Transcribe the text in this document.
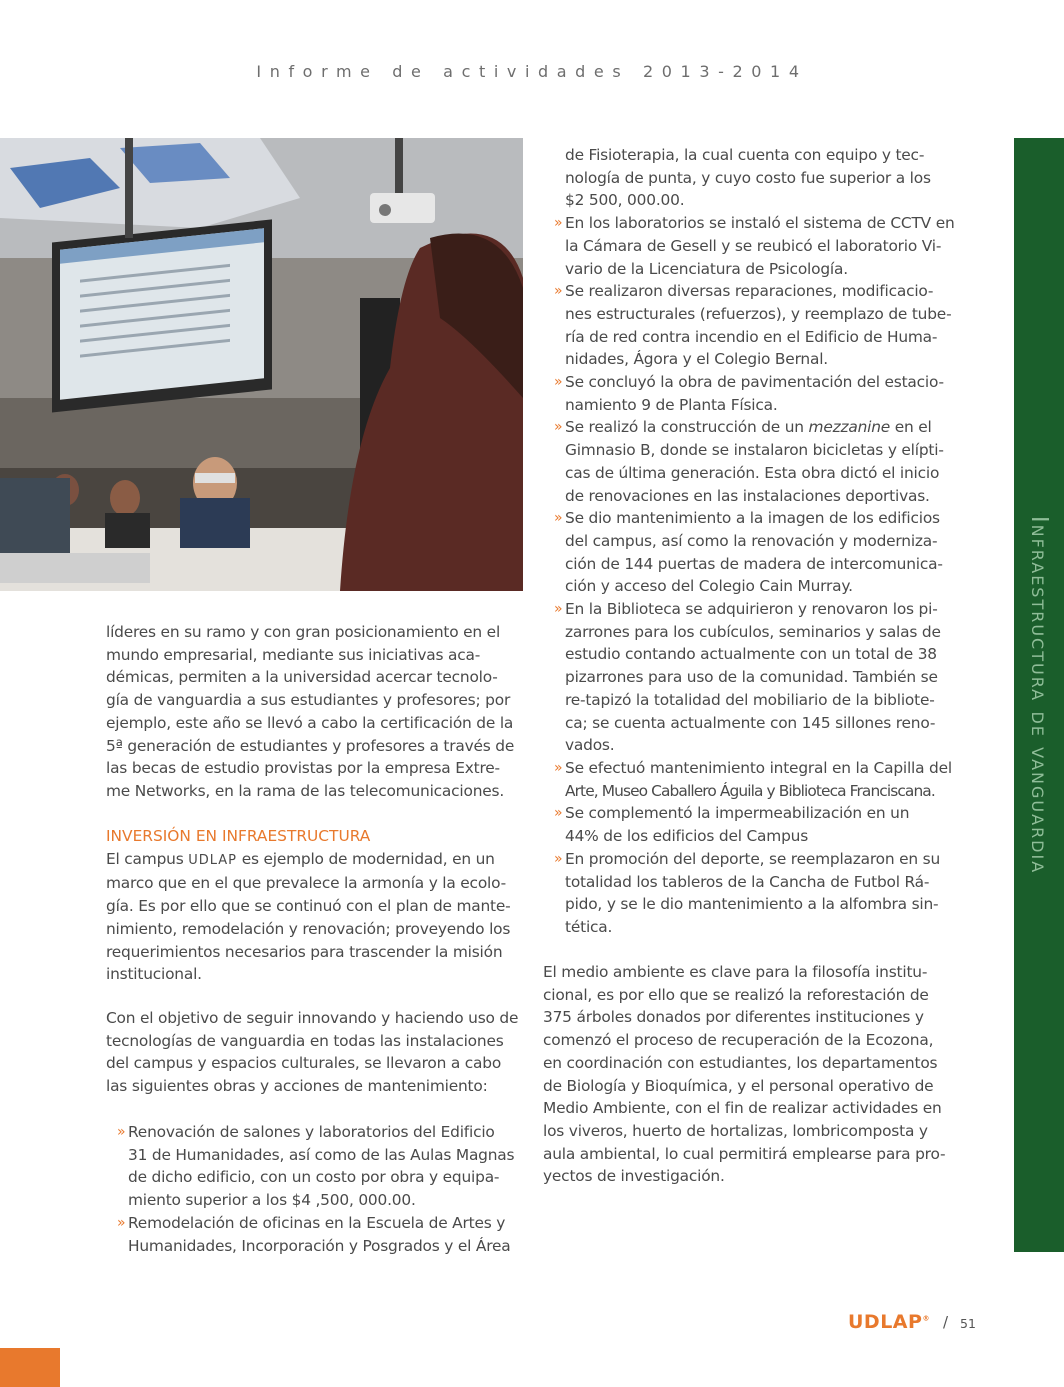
Informe de actividades 2013-2014
Infraestructura de vanguardia
líderes en su ramo y con gran posicionamiento en el
mundo empresarial, mediante sus iniciativas aca-
démicas, permiten a la universidad acercar tecnolo-
gía de vanguardia a sus estudiantes y profesores; por
ejemplo, este año se llevó a cabo la certificación de la
5ª generación de estudiantes y profesores a través de
las becas de estudio provistas por la empresa Extre-
me Networks, en la rama de las telecomunicaciones.
INVERSIÓN EN INFRAESTRUCTURA
El campus UDLAP es ejemplo de modernidad, en un
marco que en el que prevalece la armonía y la ecolo-
gía. Es por ello que se continuó con el plan de mante-
nimiento, remodelación y renovación; proveyendo los
requerimientos necesarios para trascender la misión
institucional.
Con el objetivo de seguir innovando y haciendo uso de
tecnologías de vanguardia en todas las instalaciones
del campus y espacios culturales, se llevaron a cabo
las siguientes obras y acciones de mantenimiento:
» Renovación de salones y laboratorios del Edificio
31 de Humanidades, así como de las Aulas Magnas
de dicho edificio, con un costo por obra y equipa-
miento superior a los $4 ,500, 000.00.
» Remodelación de oficinas en la Escuela de Artes y
Humanidades, Incorporación y Posgrados y el Área
de Fisioterapia, la cual cuenta con equipo y tec-
nología de punta, y cuyo costo fue superior a los
$2 500, 000.00.
» En los laboratorios se instaló el sistema de CCTV en
la Cámara de Gesell y se reubicó el laboratorio Vi-
vario de la Licenciatura de Psicología.
» Se realizaron diversas reparaciones, modificacio-
nes estructurales (refuerzos), y reemplazo de tube-
ría de red contra incendio en el Edificio de Huma-
nidades, Ágora y el Colegio Bernal.
» Se concluyó la obra de pavimentación del estacio-
namiento 9 de Planta Física.
» Se realizó la construcción de un mezzanine en el
Gimnasio B, donde se instalaron bicicletas y elípti-
cas de última generación. Esta obra dictó el inicio
de renovaciones en las instalaciones deportivas.
» Se dio mantenimiento a la imagen de los edificios
del campus, así como la renovación y moderniza-
ción de 144 puertas de madera de intercomunica-
ción y acceso del Colegio Cain Murray.
» En la Biblioteca se adquirieron y renovaron los pi-
zarrones para los cubículos, seminarios y salas de
estudio contando actualmente con un total de 38
pizarrones para uso de la comunidad. También se
re-tapizó la totalidad del mobiliario de la bibliote-
ca; se cuenta actualmente con 145 sillones reno-
vados.
» Se efectuó mantenimiento integral en la Capilla del
Arte, Museo Caballero Águila y Biblioteca Franciscana.
» Se complementó la impermeabilización en un
44% de los edificios del Campus
» En promoción del deporte, se reemplazaron en su
totalidad los tableros de la Cancha de Futbol Rá-
pido, y se le dio mantenimiento a la alfombra sin-
tética.
El medio ambiente es clave para la filosofía institu-
cional, es por ello que se realizó la reforestación de
375 árboles donados por diferentes instituciones y
comenzó el proceso de recuperación de la Ecozona,
en coordinación con estudiantes, los departamentos
de Biología y Bioquímica, y el personal operativo de
Medio Ambiente, con el fin de realizar actividades en
los viveros, huerto de hortalizas, lombricomposta y
aula ambiental, lo cual permitirá emplearse para pro-
yectos de investigación.
UDLAP® / 51
